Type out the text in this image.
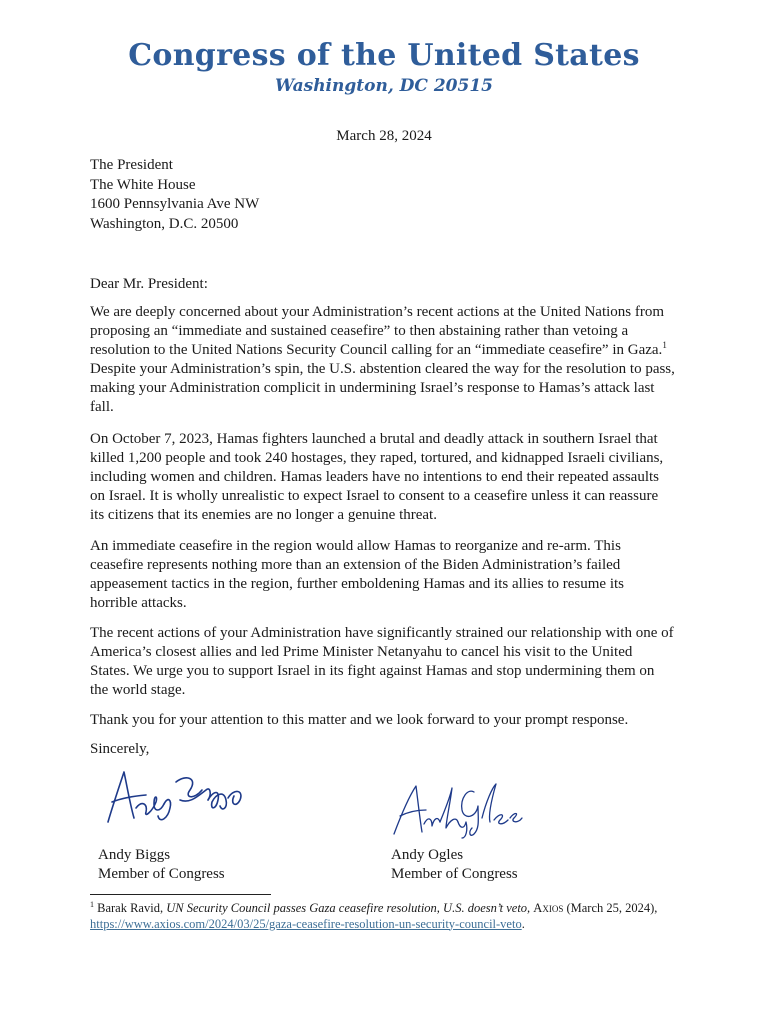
Congress of the United States
Washington, DC 20515
March 28, 2024
The President
The White House
1600 Pennsylvania Ave NW
Washington, D.C. 20500
Dear Mr. President:
We are deeply concerned about your Administration’s recent actions at the United Nations from
proposing an “immediate and sustained ceasefire” to then abstaining rather than vetoing a
resolution to the United Nations Security Council calling for an “immediate ceasefire” in Gaza.$^1$
Despite your Administration’s spin, the U.S. abstention cleared the way for the resolution to pass,
making your Administration complicit in undermining Israel’s response to Hamas’s attack last
fall.
On October 7, 2023, Hamas fighters launched a brutal and deadly attack in southern Israel that
killed 1,200 people and took 240 hostages, they raped, tortured, and kidnapped Israeli civilians,
including women and children. Hamas leaders have no intentions to end their repeated assaults
on Israel. It is wholly unrealistic to expect Israel to consent to a ceasefire unless it can reassure
its citizens that its enemies are no longer a genuine threat.
An immediate ceasefire in the region would allow Hamas to reorganize and re-arm. This
ceasefire represents nothing more than an extension of the Biden Administration’s failed
appeasement tactics in the region, further emboldening Hamas and its allies to resume its
horrible attacks.
The recent actions of your Administration have significantly strained our relationship with one of
America’s closest allies and led Prime Minister Netanyahu to cancel his visit to the United
States. We urge you to support Israel in its fight against Hamas and stop undermining them on
the world stage.
Thank you for your attention to this matter and we look forward to your prompt response.
Sincerely,
Andy Biggs
Member of Congress
Andy Ogles
Member of Congress
$^1$ Barak Ravid, UN Security Council passes Gaza ceasefire resolution, U.S. doesn’t veto, Axios (March 25, 2024),
https://www.axios.com/2024/03/25/gaza-ceasefire-resolution-un-security-council-veto.
